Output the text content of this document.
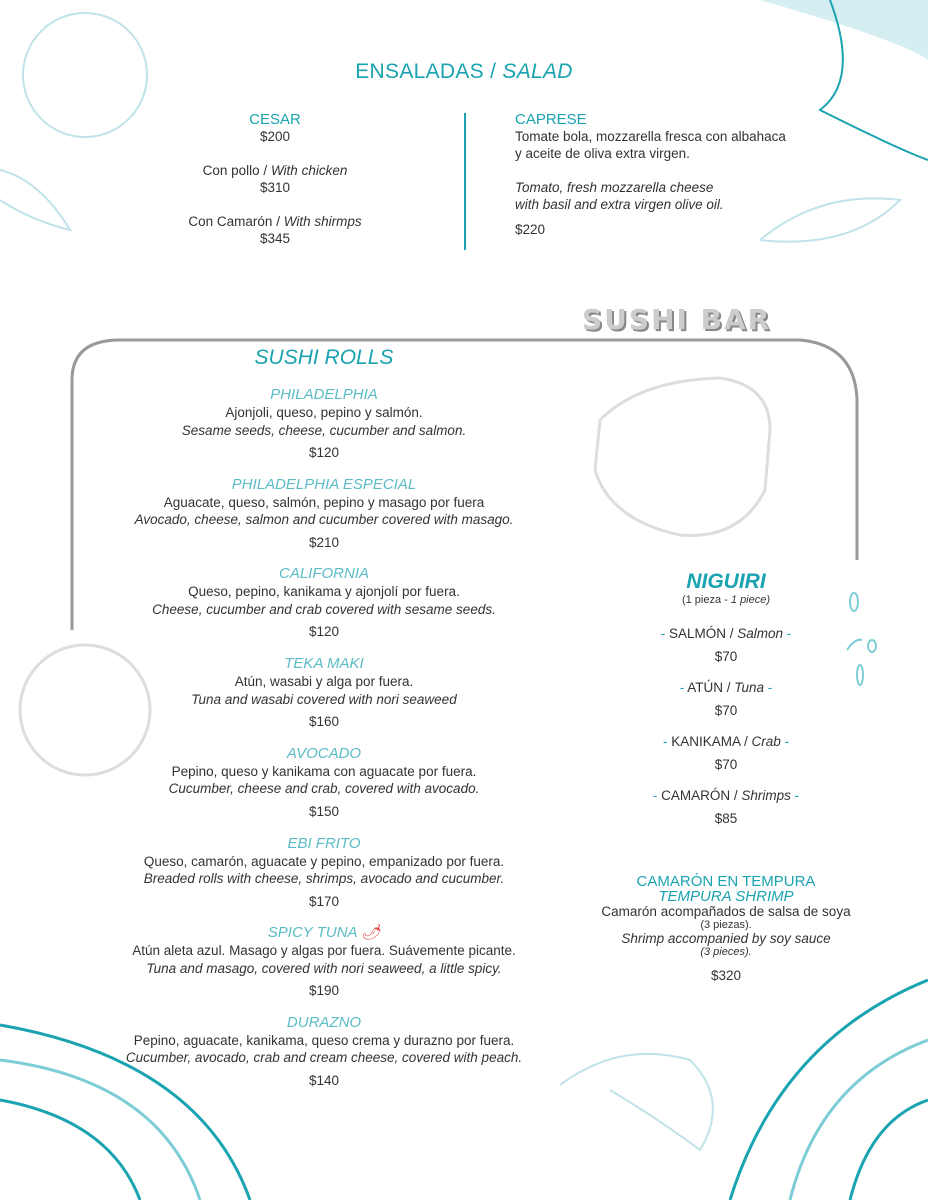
ENSALADAS / SALAD
CESAR
$200
Con pollo / With chicken
$310
Con Camarón / With shirmps
$345
CAPRESE
Tomate bola, mozzarella fresca con albahaca
y aceite de oliva extra virgen.
Tomato, fresh mozzarella cheese
with basil and extra virgen olive oil.
$220
SUSHI BAR
SUSHI ROLLS
PHILADELPHIA
Ajonjoli, queso, pepino y salmón.
Sesame seeds, cheese, cucumber and salmon.
$120
PHILADELPHIA ESPECIAL
Aguacate, queso, salmón, pepino y masago por fuera
Avocado, cheese, salmon and cucumber covered with masago.
$210
CALIFORNIA
Queso, pepino, kanikama y ajonjolí por fuera.
Cheese, cucumber and crab covered with sesame seeds.
$120
TEKA MAKI
Atún, wasabi y alga por fuera.
Tuna and wasabi covered with nori seaweed
$160
AVOCADO
Pepino, queso y kanikama con aguacate por fuera.
Cucumber, cheese and crab, covered with avocado.
$150
EBI FRITO
Queso, camarón, aguacate y pepino, empanizado por fuera.
Breaded rolls with cheese, shrimps, avocado and cucumber.
$170
SPICY TUNA 🌶
Atún aleta azul. Masago y algas por fuera. Suávemente picante.
Tuna and masago, covered with nori seaweed, a little spicy.
$190
DURAZNO
Pepino, aguacate, kanikama, queso crema y durazno por fuera.
Cucumber, avocado, crab and cream cheese, covered with peach.
$140
NIGUIRI
(1 pieza - 1 piece)
- SALMÓN / Salmon -
$70
- ATÚN / Tuna -
$70
- KANIKAMA / Crab -
$70
- CAMARÓN / Shrimps -
$85
CAMARÓN EN TEMPURA
TEMPURA SHRIMP
Camarón acompañados de salsa de soya
(3 piezas).
Shrimp accompanied by soy sauce
(3 pieces).
$320
